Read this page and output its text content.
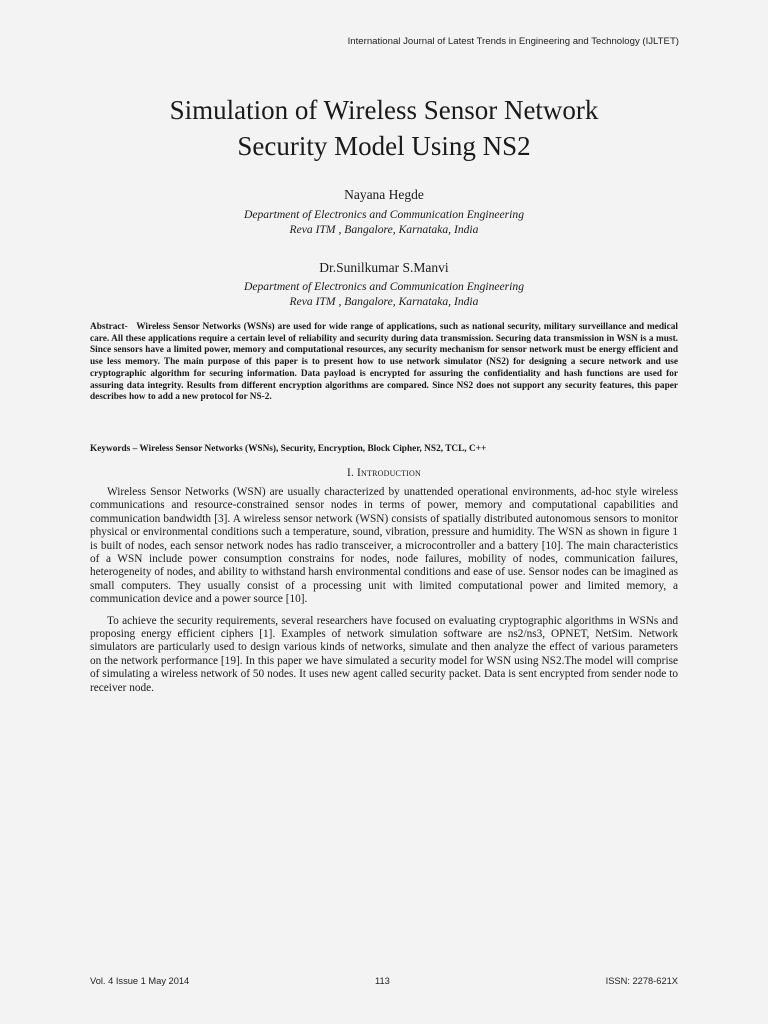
International Journal of Latest Trends in Engineering and Technology (IJLTET)
Simulation of Wireless Sensor Network
Security Model Using NS2
Nayana Hegde
Department of Electronics and Communication Engineering
Reva ITM , Bangalore, Karnataka, India
Dr.Sunilkumar S.Manvi
Department of Electronics and Communication Engineering
Reva ITM , Bangalore, Karnataka, India
Abstract- Wireless Sensor Networks (WSNs) are used for wide range of applications, such as national security, military surveillance and medical care. All these applications require a certain level of reliability and security during data transmission. Securing data transmission in WSN is a must. Since sensors have a limited power, memory and computational resources, any security mechanism for sensor network must be energy efficient and use less memory. The main purpose of this paper is to present how to use network simulator (NS2) for designing a secure network and use cryptographic algorithm for securing information. Data payload is encrypted for assuring the confidentiality and hash functions are used for assuring data integrity. Results from different encryption algorithms are compared. Since NS2 does not support any security features, this paper describes how to add a new protocol for NS-2.
Keywords – Wireless Sensor Networks (WSNs), Security, Encryption, Block Cipher, NS2, TCL, C++
I. Introduction

Wireless Sensor Networks (WSN) are usually characterized by unattended operational environments, ad-hoc style wireless communications and resource-constrained sensor nodes in terms of power, memory and computational capabilities and communication bandwidth [3]. A wireless sensor network (WSN) consists of spatially distributed autonomous sensors to monitor physical or environmental conditions such a temperature, sound, vibration, pressure and humidity. The WSN as shown in figure 1 is built of nodes, each sensor network nodes has radio transceiver, a microcontroller and a battery [10]. The main characteristics of a WSN include power consumption constrains for nodes, node failures, mobility of nodes, communication failures, heterogeneity of nodes, and ability to withstand harsh environmental conditions and ease of use. Sensor nodes can be imagined as small computers. They usually consist of a processing unit with limited computational power and limited memory, a communication device and a power source [10].

To achieve the security requirements, several researchers have focused on evaluating cryptographic algorithms in WSNs and proposing energy efficient ciphers [1]. Examples of network simulation software are ns2/ns3, OPNET, NetSim. Network simulators are particularly used to design various kinds of networks, simulate and then analyze the effect of various parameters on the network performance [19]. In this paper we have simulated a security model for WSN using NS2.The model will comprise of simulating a wireless network of 50 nodes. It uses new agent called security packet. Data is sent encrypted from sender node to receiver node.

Vol. 4 Issue 1 May 2014	113	ISSN: 2278-621X
